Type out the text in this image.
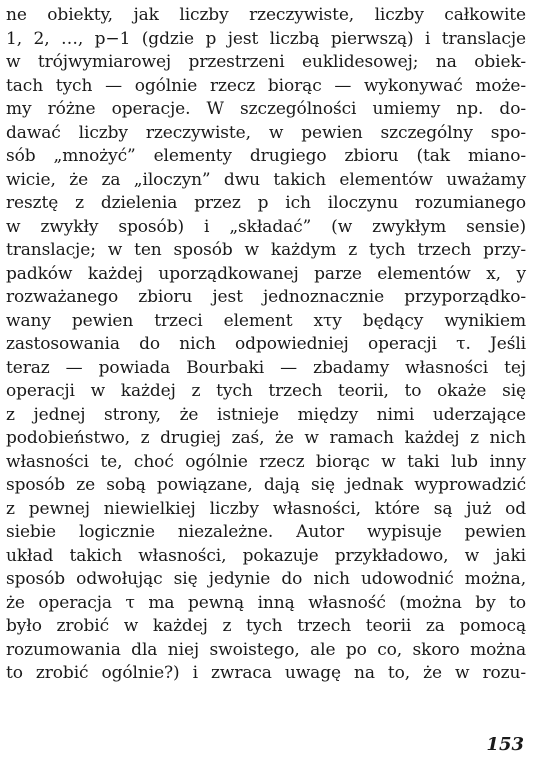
ne obiekty, jak liczby rzeczywiste, liczby całkowite
1, 2, …, p−1 (gdzie p jest liczbą pierwszą) i translacje
w trójwymiarowej przestrzeni euklidesowej; na obiek-
tach tych — ogólnie rzecz biorąc — wykonywać może-
my różne operacje. W szczególności umiemy np. do-
dawać liczby rzeczywiste, w pewien szczególny spo-
sób „mnożyć” elementy drugiego zbioru (tak miano-
wicie, że za „iloczyn” dwu takich elementów uważamy
resztę z dzielenia przez p ich iloczynu rozumianego
w zwykły sposób) i „składać” (w zwykłym sensie)
translacje; w ten sposób w każdym z tych trzech przy-
padków każdej uporządkowanej parze elementów x, y
rozważanego zbioru jest jednoznacznie przyporządko-
wany pewien trzeci element xτy będący wynikiem
zastosowania do nich odpowiedniej operacji τ. Jeśli
teraz — powiada Bourbaki — zbadamy własności tej
operacji w każdej z tych trzech teorii, to okaże się
z jednej strony, że istnieje między nimi uderzające
podobieństwo, z drugiej zaś, że w ramach każdej z nich
własności te, choć ogólnie rzecz biorąc w taki lub inny
sposób ze sobą powiązane, dają się jednak wyprowadzić
z pewnej niewielkiej liczby własności, które są już od
siebie logicznie niezależne. Autor wypisuje pewien
układ takich własności, pokazuje przykładowo, w jaki
sposób odwołując się jedynie do nich udowodnić można,
że operacja τ ma pewną inną własność (można by to
było zrobić w każdej z tych trzech teorii za pomocą
rozumowania dla niej swoistego, ale po co, skoro można
to zrobić ogólnie?) i zwraca uwagę na to, że w rozu-
153
